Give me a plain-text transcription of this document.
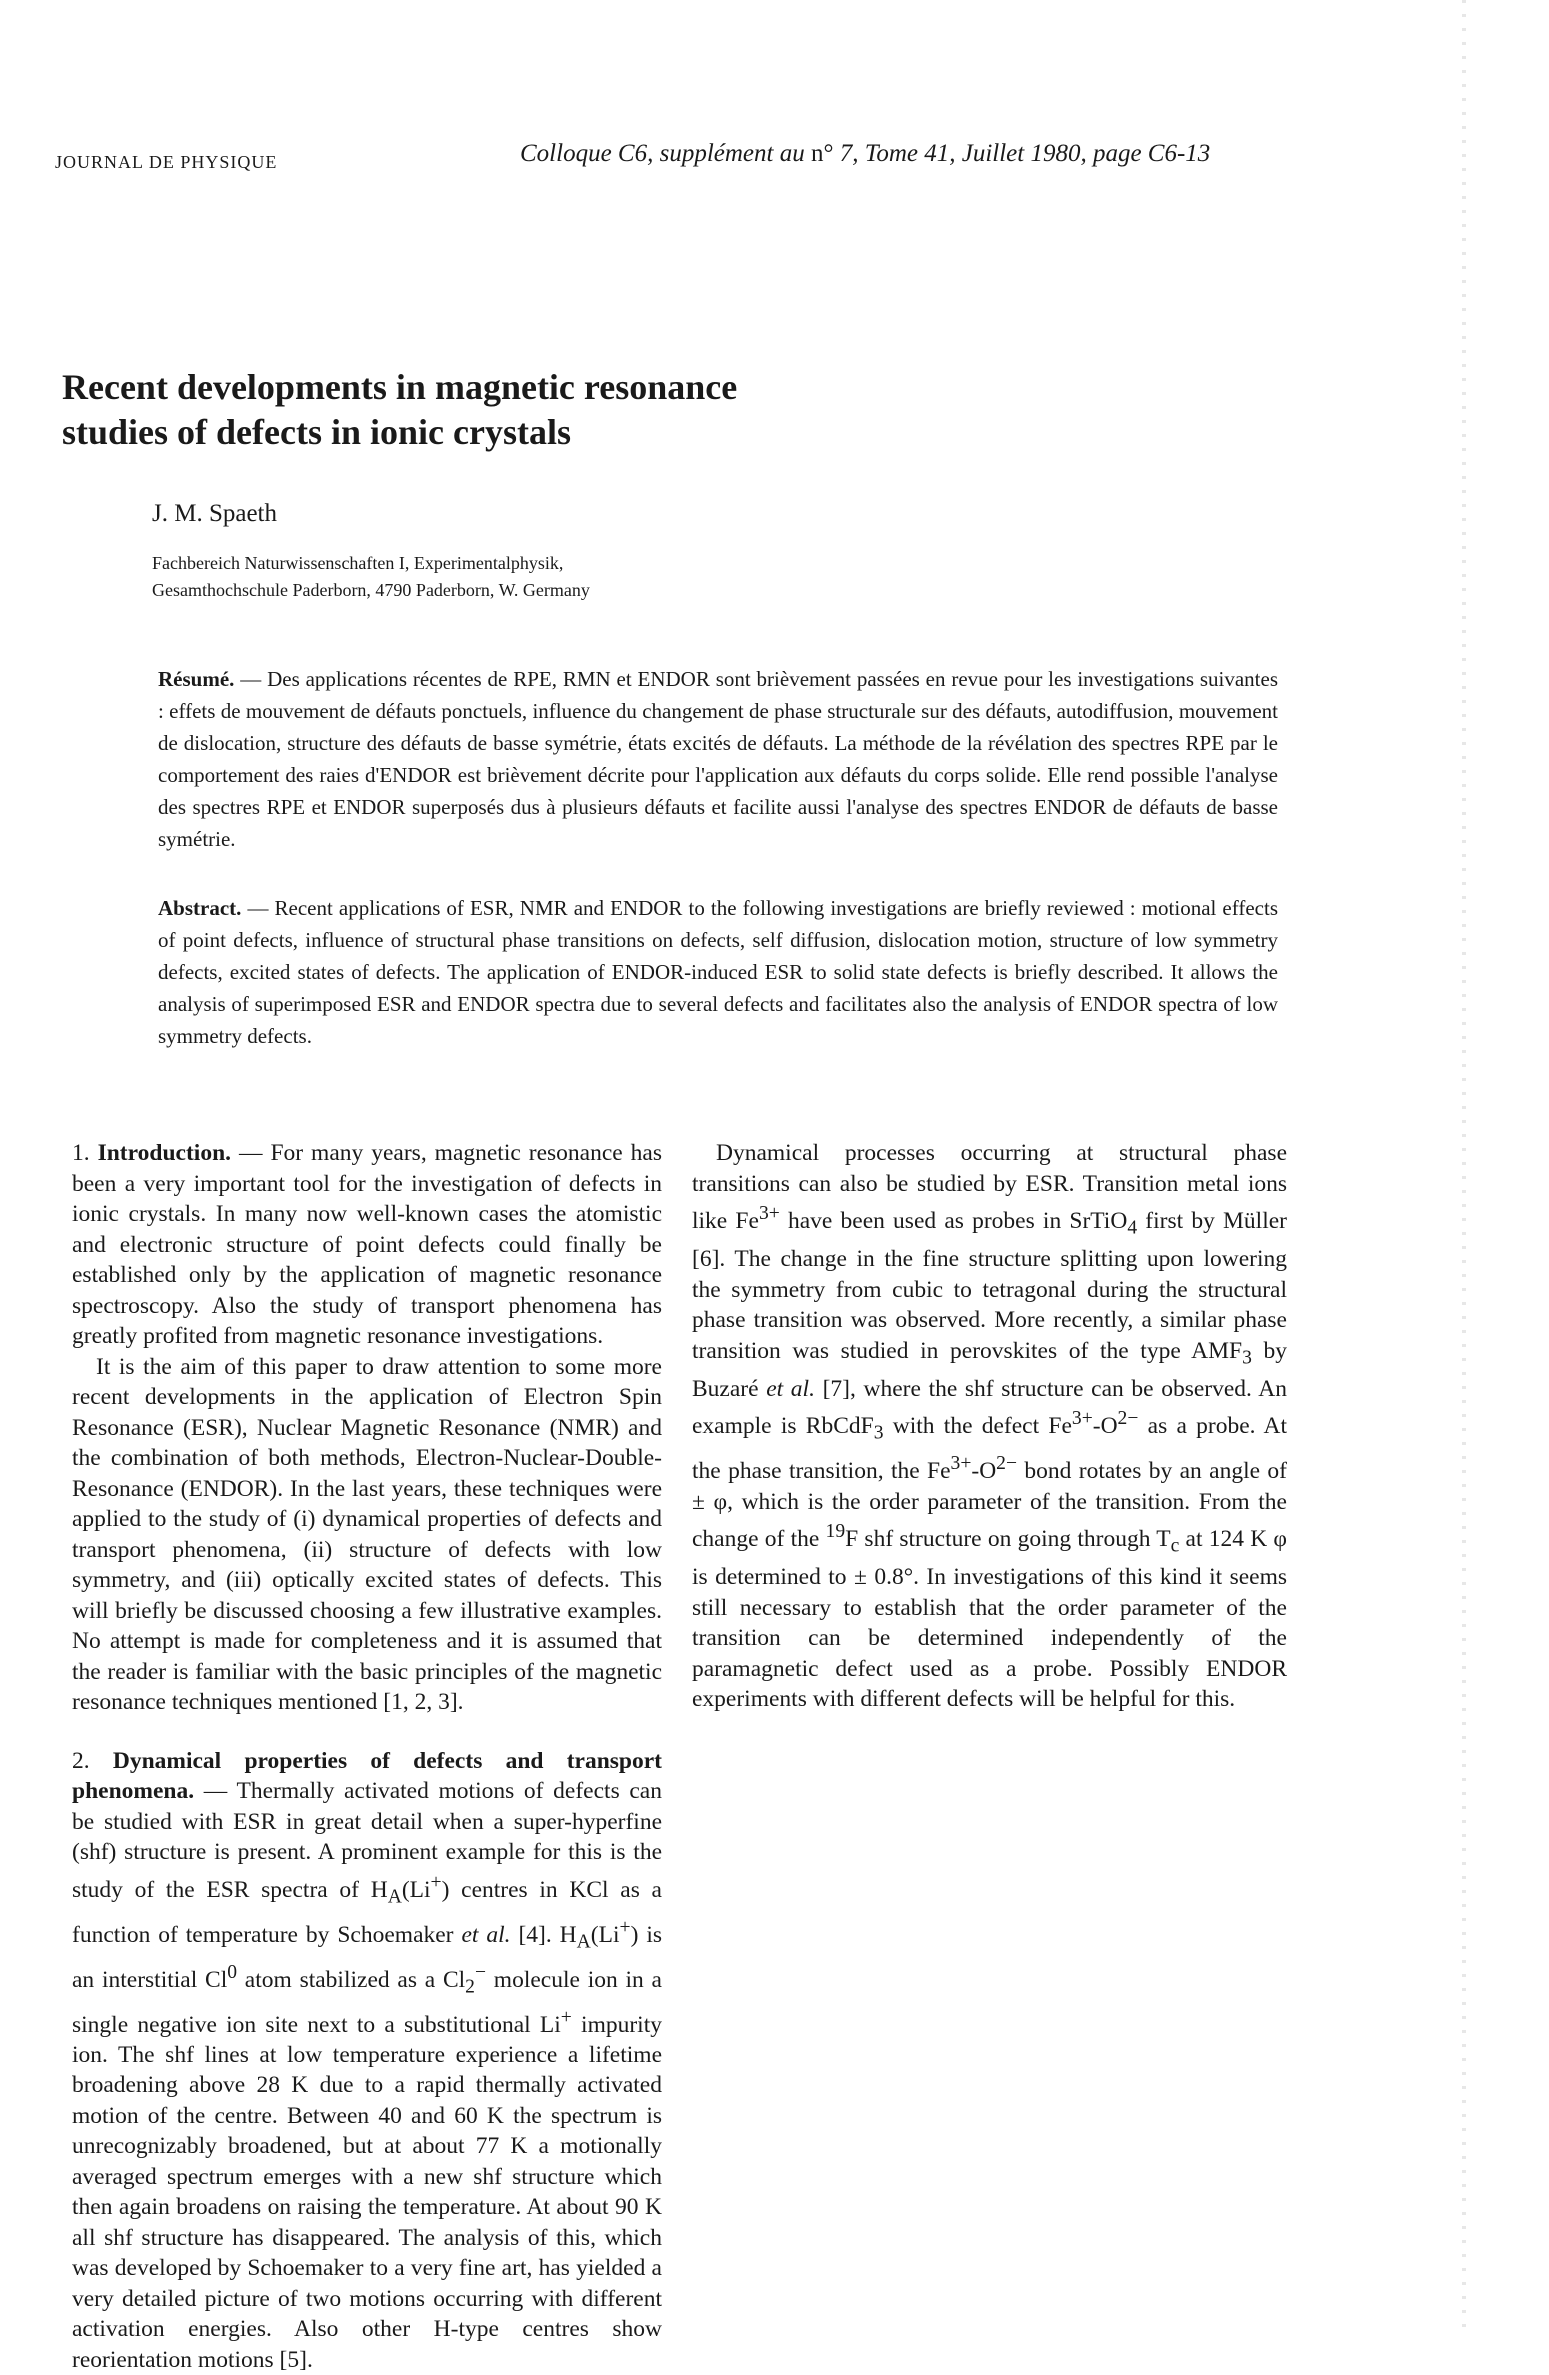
JOURNAL DE PHYSIQUE	Colloque C6, supplément au n° 7, Tome 41, Juillet 1980, page C6-13
Recent developments in magnetic resonance
studies of defects in ionic crystals
J. M. Spaeth
Fachbereich Naturwissenschaften I, Experimentalphysik,
Gesamthochschule Paderborn, 4790 Paderborn, W. Germany
Résumé. — Des applications récentes de RPE, RMN et ENDOR sont brièvement passées en revue pour les investigations suivantes : effets de mouvement de défauts ponctuels, influence du changement de phase structurale sur des défauts, autodiffusion, mouvement de dislocation, structure des défauts de basse symétrie, états excités de défauts. La méthode de la révélation des spectres RPE par le comportement des raies d'ENDOR est brièvement décrite pour l'application aux défauts du corps solide. Elle rend possible l'analyse des spectres RPE et ENDOR superposés dus à plusieurs défauts et facilite aussi l'analyse des spectres ENDOR de défauts de basse symétrie.
Abstract. — Recent applications of ESR, NMR and ENDOR to the following investigations are briefly reviewed : motional effects of point defects, influence of structural phase transitions on defects, self diffusion, dislocation motion, structure of low symmetry defects, excited states of defects. The application of ENDOR-induced ESR to solid state defects is briefly described. It allows the analysis of superimposed ESR and ENDOR spectra due to several defects and facilitates also the analysis of ENDOR spectra of low symmetry defects.

1. Introduction. — For many years, magnetic resonance has been a very important tool for the investigation of defects in ionic crystals. In many now well-known cases the atomistic and electronic structure of point defects could finally be established only by the application of magnetic resonance spectroscopy. Also the study of transport phenomena has greatly profited from magnetic resonance investigations.

It is the aim of this paper to draw attention to some more recent developments in the application of Electron Spin Resonance (ESR), Nuclear Magnetic Resonance (NMR) and the combination of both methods, Electron-Nuclear-Double-Resonance (ENDOR). In the last years, these techniques were applied to the study of (i) dynamical properties of defects and transport phenomena, (ii) structure of defects with low symmetry, and (iii) optically excited states of defects. This will briefly be discussed choosing a few illustrative examples. No attempt is made for completeness and it is assumed that the reader is familiar with the basic principles of the magnetic resonance techniques mentioned [1, 2, 3].

2. Dynamical properties of defects and transport phenomena. — Thermally activated motions of defects can be studied with ESR in great detail when a super-hyperfine (shf) structure is present. A prominent example for this is the study of the ESR spectra of $H_A(Li^+)$ centres in KCl as a function of temperature by Schoemaker et al. [4]. $H_A(Li^+)$ is an interstitial Cl$^0$ atom stabilized as a $Cl_2^-$ molecule ion in a single negative ion site next to a substitutional Li+ impurity ion. The shf lines at low temperature experience a lifetime broadening above 28 K due to a rapid thermally activated motion of the centre. Between 40 and 60 K the spectrum is unrecognizably broadened, but at about 77 K a motionally averaged spectrum emerges with a new shf structure which then again broadens on raising the temperature. At about 90 K all shf structure has disappeared. The analysis of this, which was developed by Schoemaker to a very fine art, has yielded a very detailed picture of two motions occurring with different activation energies. Also other H-type centres show reorientation motions [5].

Dynamical processes occurring at structural phase transitions can also be studied by ESR. Transition metal ions like $Fe^{3+}$ have been used as probes in SrTiO$_4$ first by Müller [6]. The change in the fine structure splitting upon lowering the symmetry from cubic to tetragonal during the structural phase transition was observed. More recently, a similar phase transition was studied in perovskites of the type $AMF_3$ by Buzaré et al. [7], where the shf structure can be observed. An example is RbCdF$_3$ with the defect $Fe^{3+}-O^{2-}$ as a probe. At the phase transition, the $Fe^{3+}-O^{2-}$ bond rotates by an angle of ± φ, which is the order parameter of the transition. From the change of the $^{19}$F shf structure on going through $T_c$ at 124 K φ is determined to ± 0.8°. In investigations of this kind it seems still necessary to establish that the order parameter of the transition can be determined independently of the paramagnetic defect used as a probe. Possibly ENDOR experiments with different defects will be helpful for this.
